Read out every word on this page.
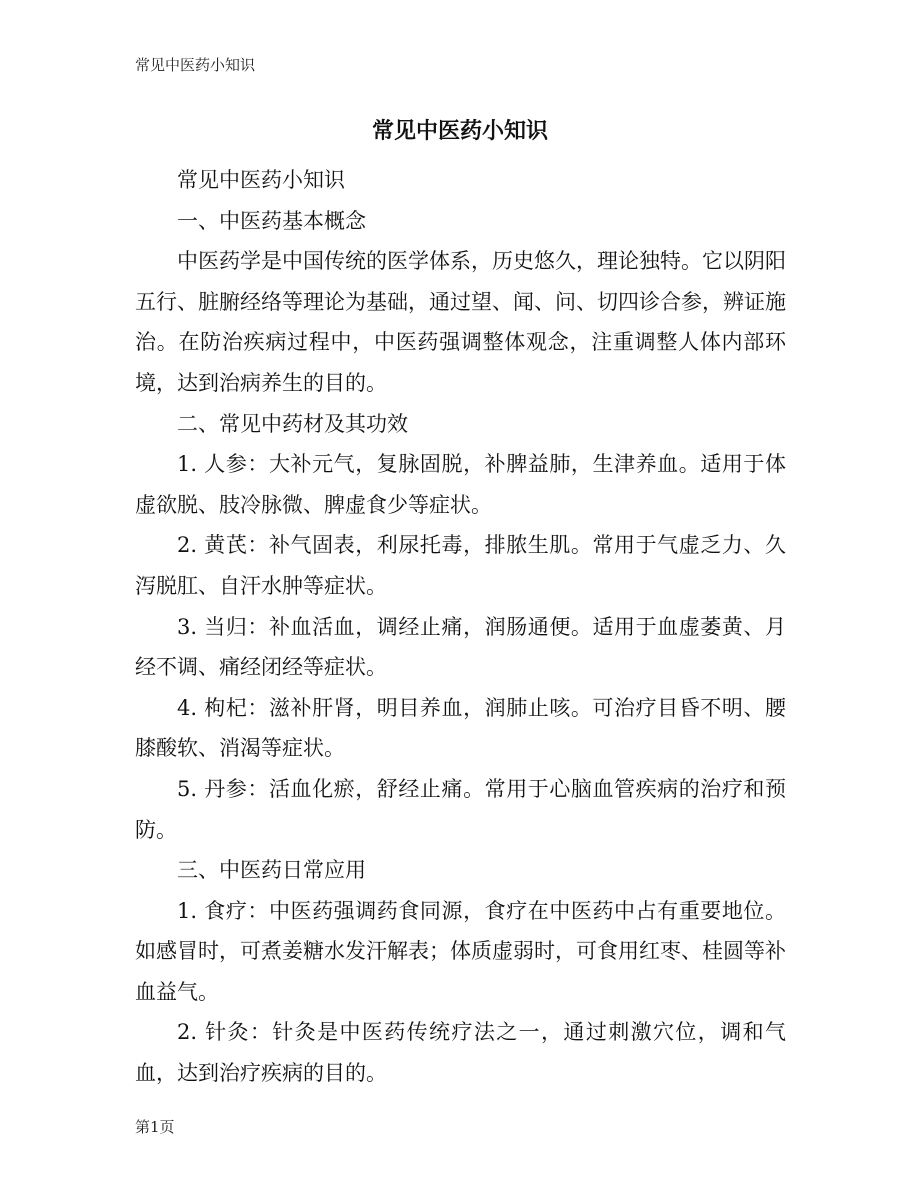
常见中医药小知识
常见中医药小知识

常见中医药小知识

一、中医药基本概念

中医药学是中国传统的医学体系，历史悠久，理论独特。它以阴阳五行、脏腑经络等理论为基础，通过望、闻、问、切四诊合参，辨证施治。在防治疾病过程中，中医药强调整体观念，注重调整人体内部环境，达到治病养生的目的。

二、常见中药材及其功效

1. 人参：大补元气，复脉固脱，补脾益肺，生津养血。适用于体虚欲脱、肢冷脉微、脾虚食少等症状。

2. 黄芪：补气固表，利尿托毒，排脓生肌。常用于气虚乏力、久泻脱肛、自汗水肿等症状。

3. 当归：补血活血，调经止痛，润肠通便。适用于血虚萎黄、月经不调、痛经闭经等症状。

4. 枸杞：滋补肝肾，明目养血，润肺止咳。可治疗目昏不明、腰膝酸软、消渴等症状。

5. 丹参：活血化瘀，舒经止痛。常用于心脑血管疾病的治疗和预防。

三、中医药日常应用

1. 食疗：中医药强调药食同源，食疗在中医药中占有重要地位。如感冒时，可煮姜糖水发汗解表；体质虚弱时，可食用红枣、桂圆等补血益气。

2. 针灸：针灸是中医药传统疗法之一，通过刺激穴位，调和气血，达到治疗疾病的目的。

第1页
